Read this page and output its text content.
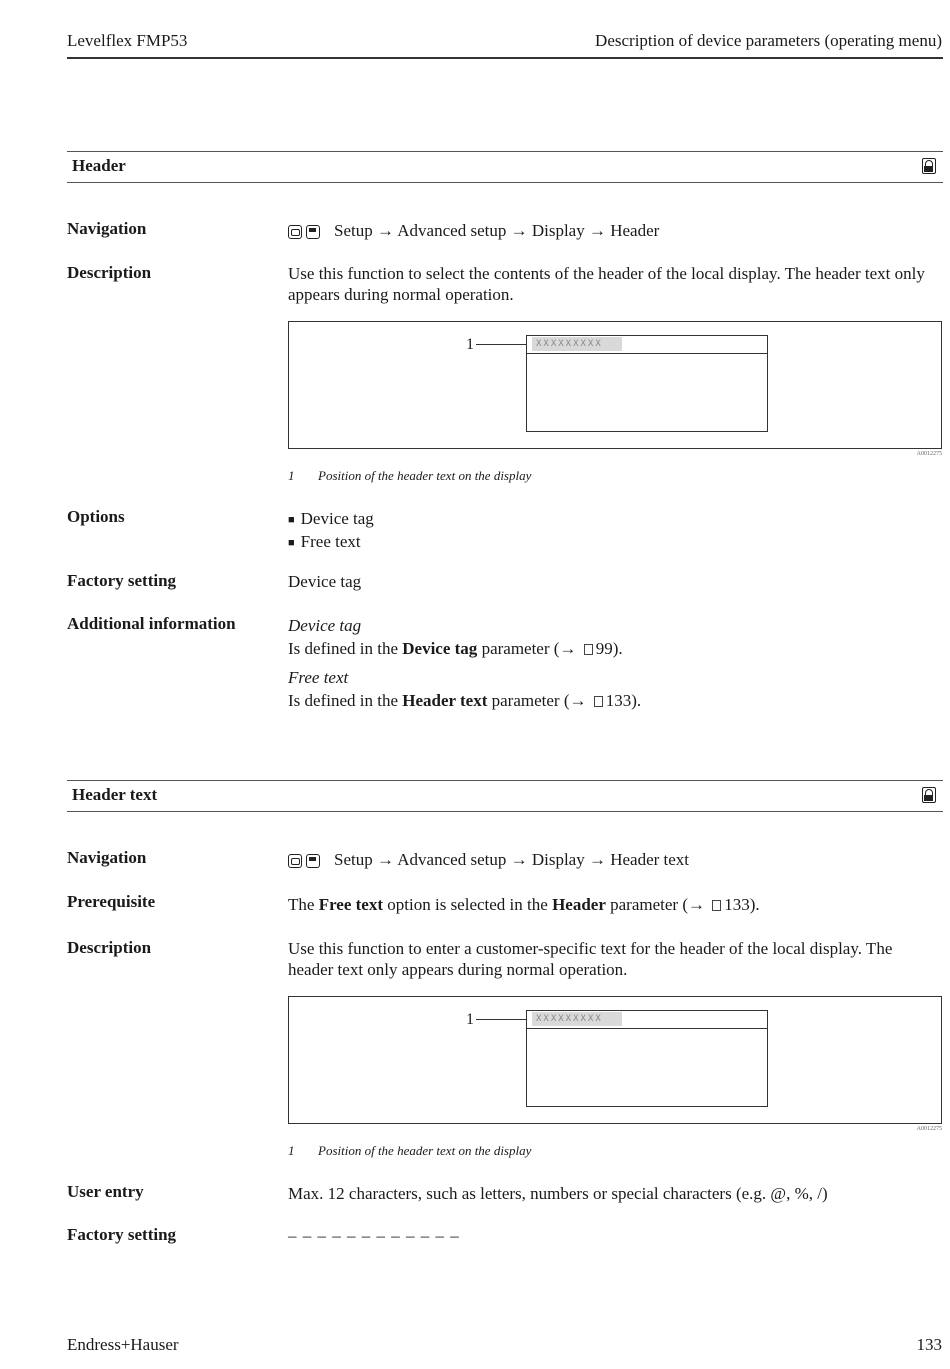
Levelflex FMP53	Description of device parameters (operating menu)
Header
Navigation	Setup → Advanced setup → Display → Header
Description	Use this function to select the contents of the header of the local display. The header text only appears during normal operation.
1	XXXXXXXXX
A0012275
1 Position of the header text on the display
Options
■	Device tag
■ Free text
Factory setting	Device tag
Additional information	Device tag
Is defined in the Device tag parameter (→ 99).
Free text
Is defined in the Header text parameter (→ 133).
Header text
Navigation	Setup → Advanced setup → Display → Header text
Prerequisite	The Free text option is selected in the Header parameter (→ 133).
Description	Use this function to enter a customer-specific text for the header of the local display. The header text only appears during normal operation.
1	XXXXXXXXX
A0012275
1 Position of the header text on the display
User entry	Max. 12 characters, such as letters, numbers or special characters (e.g. @, %, /)
Factory setting	– – – – – – – – – – – –
Endress+Hauser	133
